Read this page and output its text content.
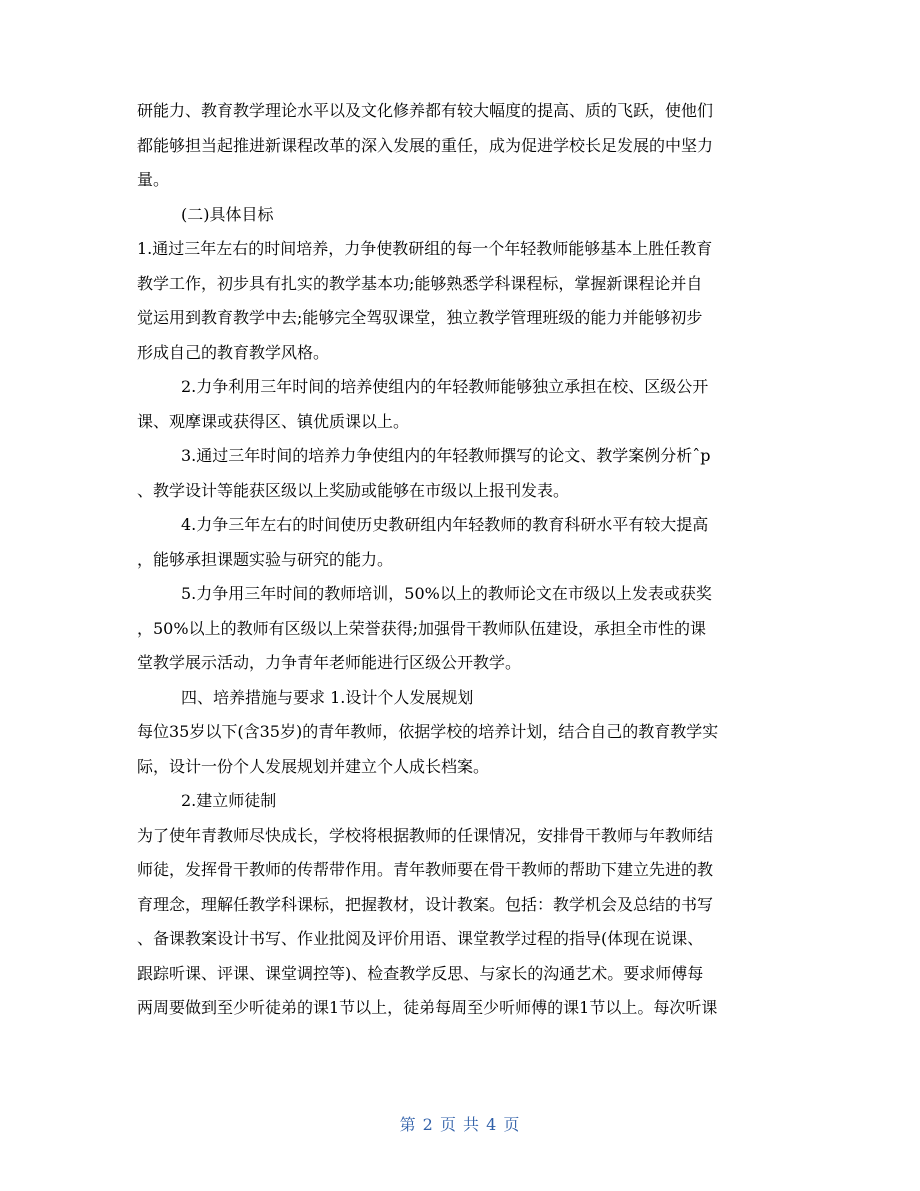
研能力、教育教学理论水平以及文化修养都有较大幅度的提高、质的飞跃，使他们
都能够担当起推进新课程改革的深入发展的重任，成为促进学校长足发展的中坚力
量。
(二)具体目标
1.通过三年左右的时间培养，力争使教研组的每一个年轻教师能够基本上胜任教育
教学工作，初步具有扎实的教学基本功;能够熟悉学科课程标，掌握新课程论并自
觉运用到教育教学中去;能够完全驾驭课堂，独立教学管理班级的能力并能够初步
形成自己的教育教学风格。
2.力争利用三年时间的培养使组内的年轻教师能够独立承担在校、区级公开
课、观摩课或获得区、镇优质课以上。
3.通过三年时间的培养力争使组内的年轻教师撰写的论文、教学案例分析ˆp
、教学设计等能获区级以上奖励或能够在市级以上报刊发表。
4.力争三年左右的时间使历史教研组内年轻教师的教育科研水平有较大提高
，能够承担课题实验与研究的能力。
5.力争用三年时间的教师培训，50%以上的教师论文在市级以上发表或获奖
，50%以上的教师有区级以上荣誉获得;加强骨干教师队伍建设，承担全市性的课
堂教学展示活动，力争青年老师能进行区级公开教学。
四、培养措施与要求 1.设计个人发展规划
每位35岁以下(含35岁)的青年教师，依据学校的培养计划，结合自己的教育教学实
际，设计一份个人发展规划并建立个人成长档案。
2.建立师徒制
为了使年青教师尽快成长，学校将根据教师的任课情况，安排骨干教师与年教师结
师徒，发挥骨干教师的传帮带作用。青年教师要在骨干教师的帮助下建立先进的教
育理念，理解任教学科课标，把握教材，设计教案。包括：教学机会及总结的书写
、备课教案设计书写、作业批阅及评价用语、课堂教学过程的指导(体现在说课、
跟踪听课、评课、课堂调控等)、检查教学反思、与家长的沟通艺术。要求师傅每
两周要做到至少听徒弟的课1节以上，徒弟每周至少听师傅的课1节以上。每次听课
第 2 页 共 4 页
